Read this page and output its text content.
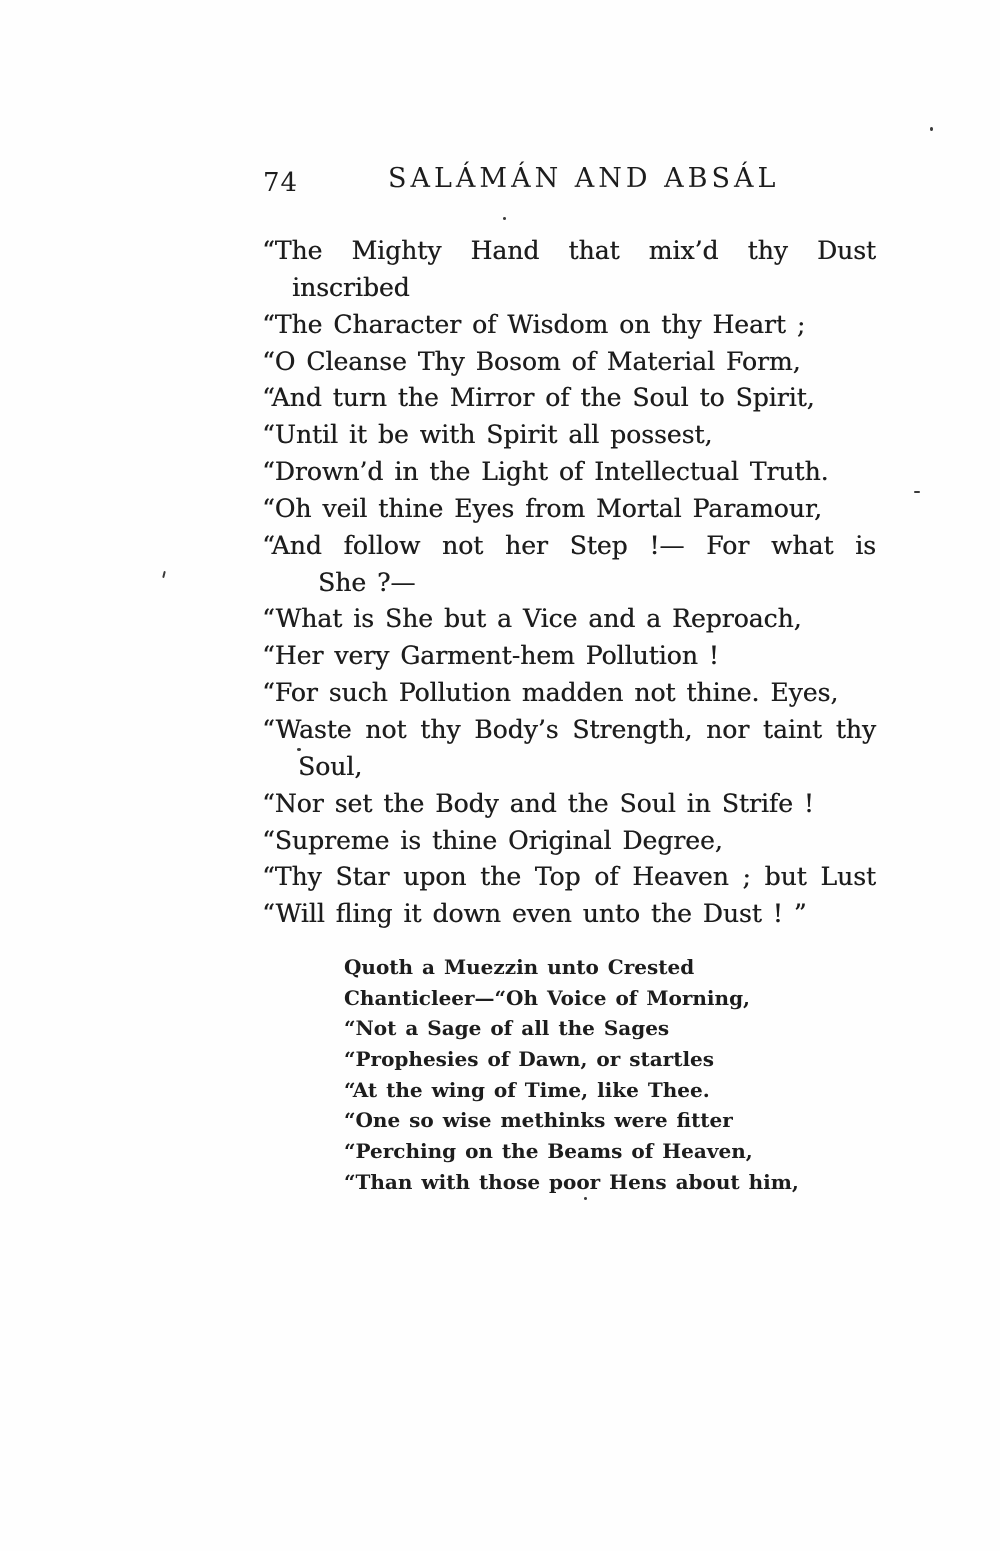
74	SALÁMÁN AND ABSÁL
“The Mighty Hand that mix’d thy Dust
inscribed
“The Character of Wisdom on thy Heart ;
“O Cleanse Thy Bosom of Material Form,
“And turn the Mirror of the Soul to Spirit,
“Until it be with Spirit all possest,
“Drown’d in the Light of Intellectual Truth.
“Oh veil thine Eyes from Mortal Paramour,
“And follow not her Step !— For what is
She ?—
“What is She but a Vice and a Reproach,
“Her very Garment-hem Pollution !
“For such Pollution madden not thine. Eyes,
“Waste not thy Body’s Strength, nor taint thy
Soul,
“Nor set the Body and the Soul in Strife !
“Supreme is thine Original Degree,
“Thy Star upon the Top of Heaven ; but Lust
“Will fling it down even unto the Dust ! ”
Quoth a Muezzin unto Crested
Chanticleer—“Oh Voice of Morning,
“Not a Sage of all the Sages
“Prophesies of Dawn, or startles
“At the wing of Time, like Thee.
“One so wise methinks were fitter
“Perching on the Beams of Heaven,
“Than with those poor Hens about him,
